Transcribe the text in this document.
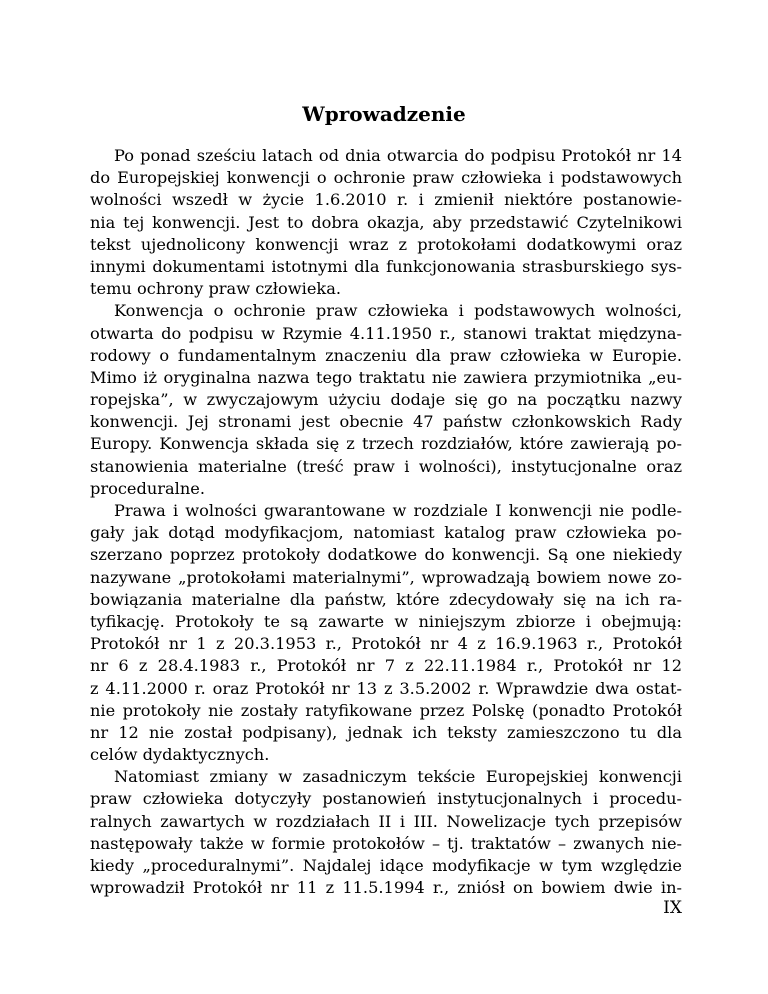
Wprowadzenie
Po ponad sześciu latach od dnia otwarcia do podpisu Protokół nr 14
do Europejskiej konwencji o ochronie praw człowieka i podstawowych
wolności wszedł w życie 1.6.2010 r. i zmienił niektóre postanowie-
nia tej konwencji. Jest to dobra okazja, aby przedstawić Czytelnikowi
tekst ujednolicony konwencji wraz z protokołami dodatkowymi oraz
innymi dokumentami istotnymi dla funkcjonowania strasburskiego sys-
temu ochrony praw człowieka.
Konwencja o ochronie praw człowieka i podstawowych wolności,
otwarta do podpisu w Rzymie 4.11.1950 r., stanowi traktat międzyna-
rodowy o fundamentalnym znaczeniu dla praw człowieka w Europie.
Mimo iż oryginalna nazwa tego traktatu nie zawiera przymiotnika „eu-
ropejska”, w zwyczajowym użyciu dodaje się go na początku nazwy
konwencji. Jej stronami jest obecnie 47 państw członkowskich Rady
Europy. Konwencja składa się z trzech rozdziałów, które zawierają po-
stanowienia materialne (treść praw i wolności), instytucjonalne oraz
proceduralne.
Prawa i wolności gwarantowane w rozdziale I konwencji nie podle-
gały jak dotąd modyfikacjom, natomiast katalog praw człowieka po-
szerzano poprzez protokoły dodatkowe do konwencji. Są one niekiedy
nazywane „protokołami materialnymi”, wprowadzają bowiem nowe zo-
bowiązania materialne dla państw, które zdecydowały się na ich ra-
tyfikację. Protokoły te są zawarte w niniejszym zbiorze i obejmują:
Protokół nr 1 z 20.3.1953 r., Protokół nr 4 z 16.9.1963 r., Protokół
nr 6 z 28.4.1983 r., Protokół nr 7 z 22.11.1984 r., Protokół nr 12
z 4.11.2000 r. oraz Protokół nr 13 z 3.5.2002 r. Wprawdzie dwa ostat-
nie protokoły nie zostały ratyfikowane przez Polskę (ponadto Protokół
nr 12 nie został podpisany), jednak ich teksty zamieszczono tu dla
celów dydaktycznych.
Natomiast zmiany w zasadniczym tekście Europejskiej konwencji
praw człowieka dotyczyły postanowień instytucjonalnych i procedu-
ralnych zawartych w rozdziałach II i III. Nowelizacje tych przepisów
następowały także w formie protokołów – tj. traktatów – zwanych nie-
kiedy „proceduralnymi”. Najdalej idące modyfikacje w tym względzie
wprowadził Protokół nr 11 z 11.5.1994 r., zniósł on bowiem dwie in-
IX
